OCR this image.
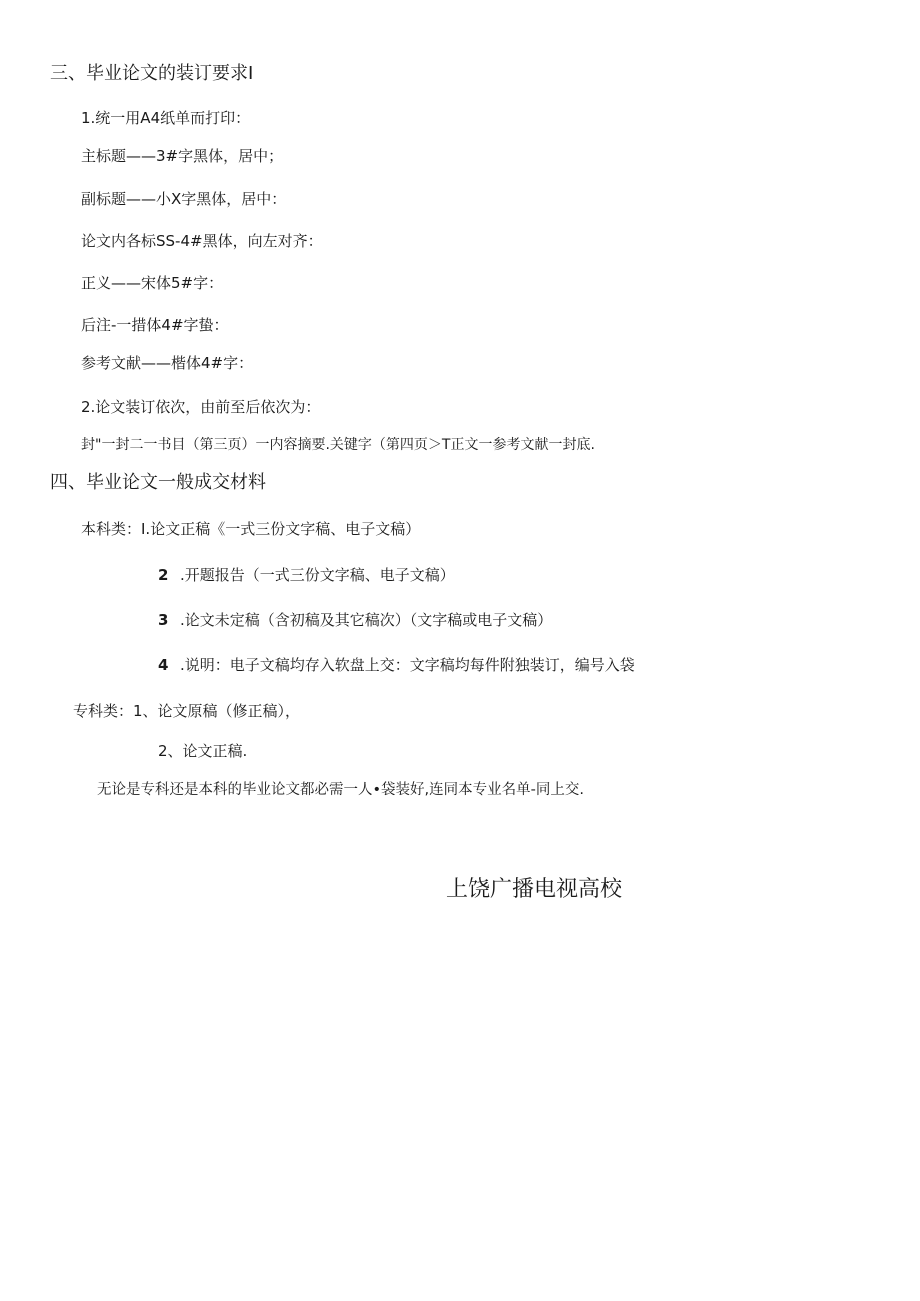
三、毕业论文的装订要求I
1.统一用A4纸单而打印：
主标题——3#字黑体，居中；
副标题——小X字黑体，居中：
论文内各标SS-4#黑体，向左对齐：
正义——宋体5#字：
后注-一措体4#字蛰：
参考文献——楷体4#字：
2.论文装订依次，由前至后依次为：
封"一封二一书目（第三页）一内容摘要.关键字（第四页＞T正文一参考文献一封底.
四、毕业论文一般成交材料
本科类：I.论文正稿《一式三份文字稿、电子文稿）
2 .开题报告（一式三份文字稿、电子文稿）
3 .论文未定稿（含初稿及其它稿次）（文字稿或电子文稿）
4 .说明：电子文稿均存入软盘上交：文字稿均每件附独装订，编号入袋
专科类：1、论文原稿（修正稿），
2、论文正稿.
无论是专科还是本科的毕业论文都必需一人•袋装好,连同本专业名单-同上交.
上饶广播电视高校
